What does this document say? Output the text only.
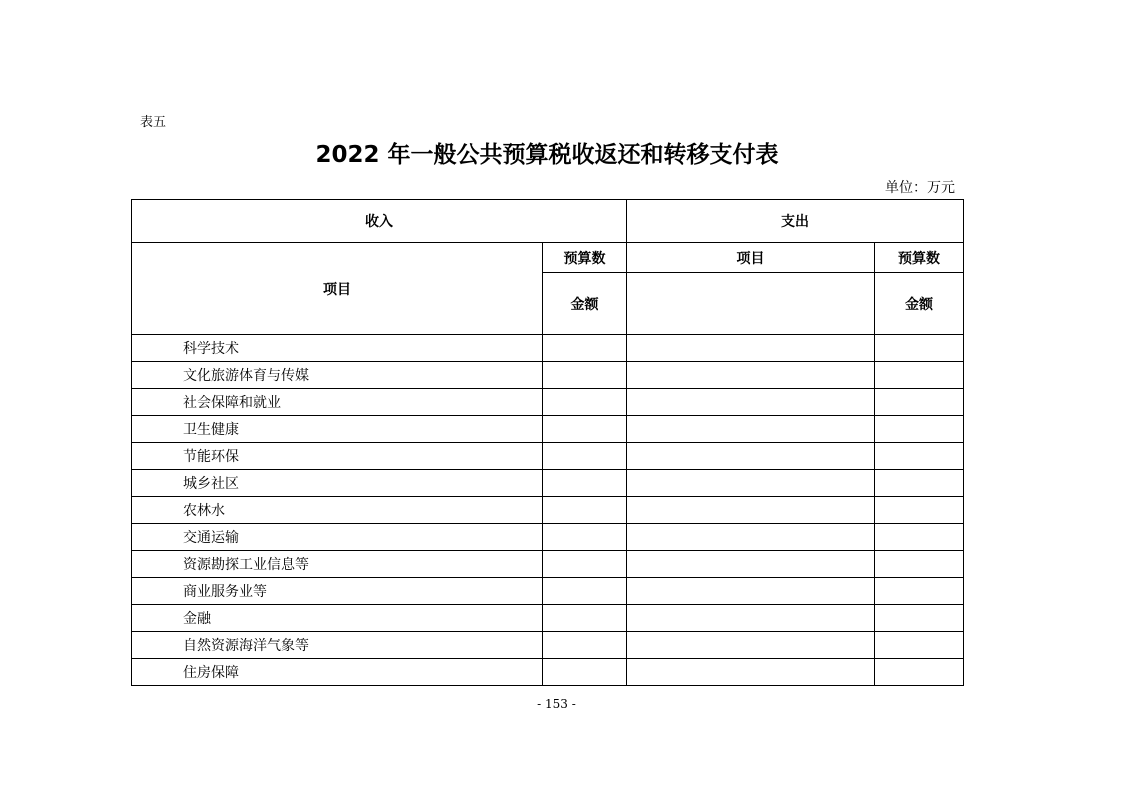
表五
2022 年一般公共预算税收返还和转移支付表
单位：万元
收入		支出	
项目	预算数	项目	预算数
	金额		金额
科学技术			
文化旅游体育与传媒			
社会保障和就业			
卫生健康			
节能环保			
城乡社区			
农林水			
交通运输			
资源勘探工业信息等			
商业服务业等			
金融			
自然资源海洋气象等			
住房保障			
- 153 -
